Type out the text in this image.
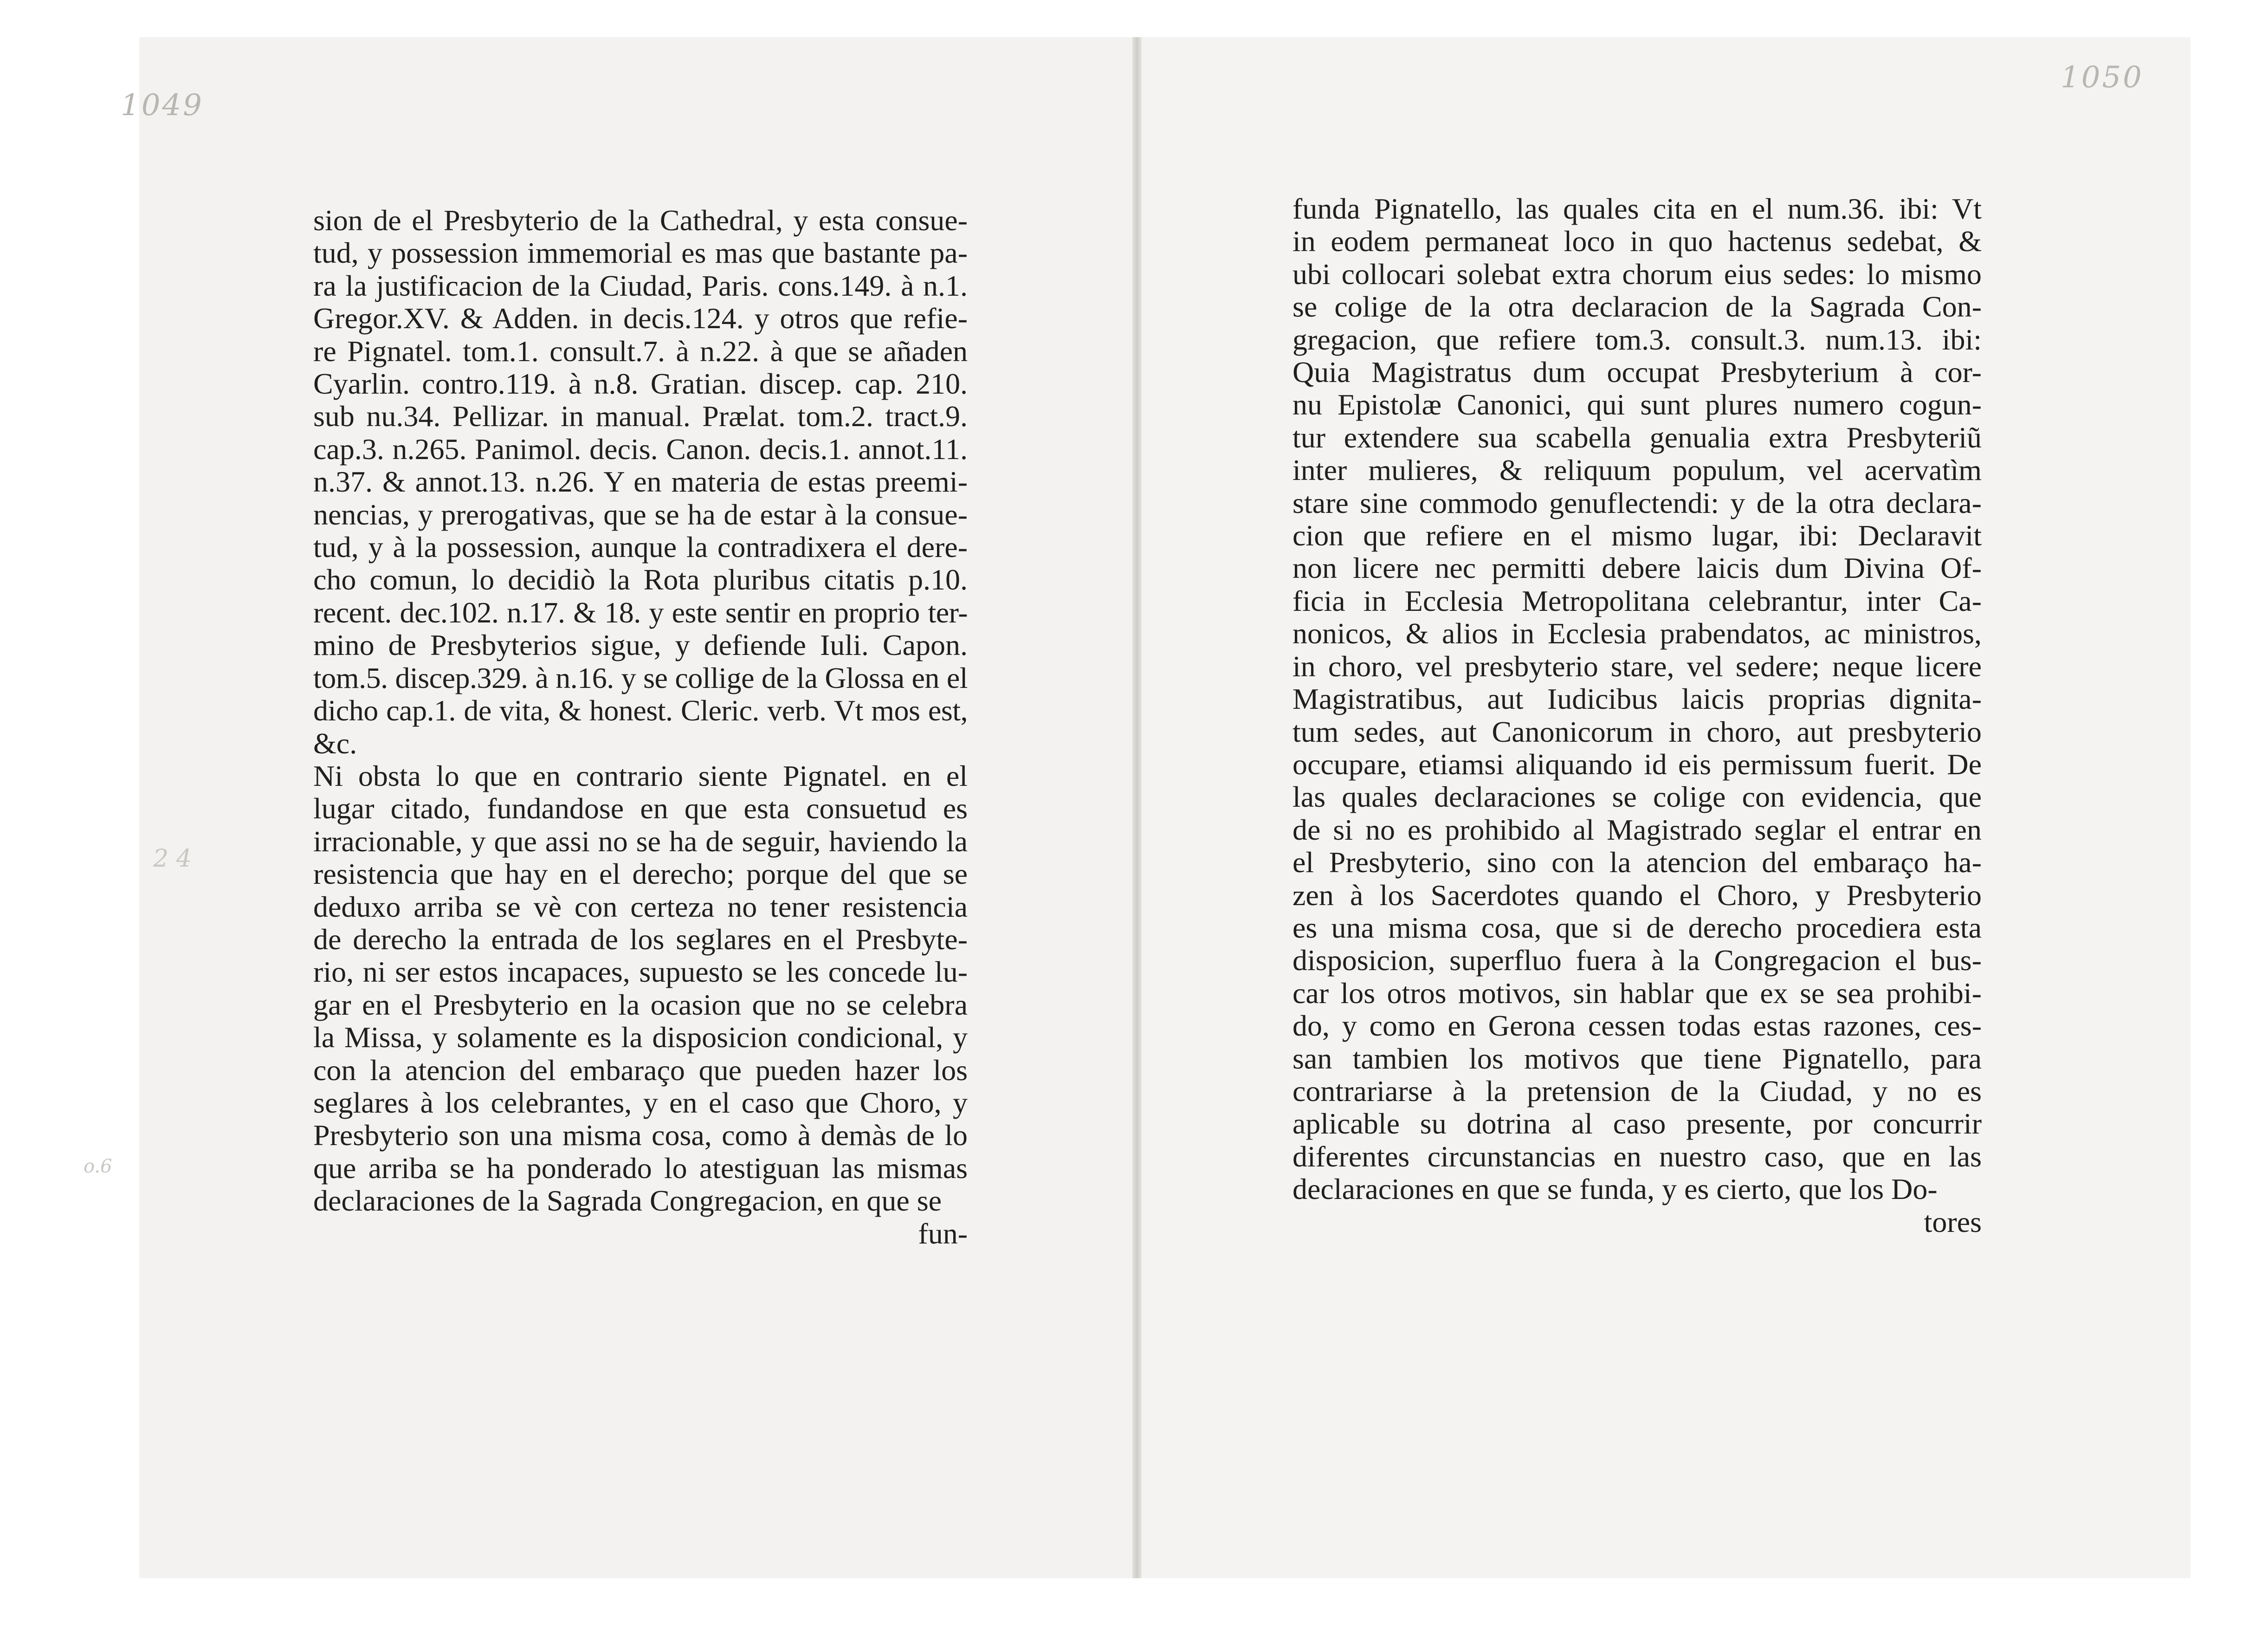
1049
1050
2 4
o.6
sion de el Presbyterio de la Cathedral, y esta consue-
tud, y possession immemorial es mas que bastante pa-
ra la justificacion de la Ciudad, Paris. cons.149. à n.1.
Gregor.XV. & Adden. in decis.124. y otros que refie-
re Pignatel. tom.1. consult.7. à n.22. à que se añaden
Cyarlin. contro.119. à n.8. Gratian. discep. cap. 210.
sub nu.34. Pellizar. in manual. Prælat. tom.2. tract.9.
cap.3. n.265. Panimol. decis. Canon. decis.1. annot.11.
n.37. & annot.13. n.26. Y en materia de estas preemi-
nencias, y prerogativas, que se ha de estar à la consue-
tud, y à la possession, aunque la contradixera el dere-
cho comun, lo decidiò la Rota pluribus citatis p.10.
recent. dec.102. n.17. & 18. y este sentir en proprio ter-
mino de Presbyterios sigue, y defiende Iuli. Capon.
tom.5. discep.329. à n.16. y se collige de la Glossa en el
dicho cap.1. de vita, & honest. Cleric. verb. Vt mos est,
&c.
Ni obsta lo que en contrario siente Pignatel. en el
lugar citado, fundandose en que esta consuetud es
irracionable, y que assi no se ha de seguir, haviendo la
resistencia que hay en el derecho; porque del que se
deduxo arriba se vè con certeza no tener resistencia
de derecho la entrada de los seglares en el Presbyte-
rio, ni ser estos incapaces, supuesto se les concede lu-
gar en el Presbyterio en la ocasion que no se celebra
la Missa, y solamente es la disposicion condicional, y
con la atencion del embaraço que pueden hazer los
seglares à los celebrantes, y en el caso que Choro, y
Presbyterio son una misma cosa, como à demàs de lo
que arriba se ha ponderado lo atestiguan las mismas
declaraciones de la Sagrada Congregacion, en que se
fun-
funda Pignatello, las quales cita en el num.36. ibi: Vt
in eodem permaneat loco in quo hactenus sedebat, &
ubi collocari solebat extra chorum eius sedes: lo mismo
se colige de la otra declaracion de la Sagrada Con-
gregacion, que refiere tom.3. consult.3. num.13. ibi:
Quia Magistratus dum occupat Presbyterium à cor-
nu Epistolæ Canonici, qui sunt plures numero cogun-
tur extendere sua scabella genualia extra Presbyteriũ
inter mulieres, & reliquum populum, vel acervatìm
stare sine commodo genuflectendi: y de la otra declara-
cion que refiere en el mismo lugar, ibi: Declaravit
non licere nec permitti debere laicis dum Divina Of-
ficia in Ecclesia Metropolitana celebrantur, inter Ca-
nonicos, & alios in Ecclesia prabendatos, ac ministros,
in choro, vel presbyterio stare, vel sedere; neque licere
Magistratibus, aut Iudicibus laicis proprias dignita-
tum sedes, aut Canonicorum in choro, aut presbyterio
occupare, etiamsi aliquando id eis permissum fuerit. De
las quales declaraciones se colige con evidencia, que
de si no es prohibido al Magistrado seglar el entrar en
el Presbyterio, sino con la atencion del embaraço ha-
zen à los Sacerdotes quando el Choro, y Presbyterio
es una misma cosa, que si de derecho procediera esta
disposicion, superfluo fuera à la Congregacion el bus-
car los otros motivos, sin hablar que ex se sea prohibi-
do, y como en Gerona cessen todas estas razones, ces-
san tambien los motivos que tiene Pignatello, para
contrariarse à la pretension de la Ciudad, y no es
aplicable su dotrina al caso presente, por concurrir
diferentes circunstancias en nuestro caso, que en las
declaraciones en que se funda, y es cierto, que los Do-
tores
